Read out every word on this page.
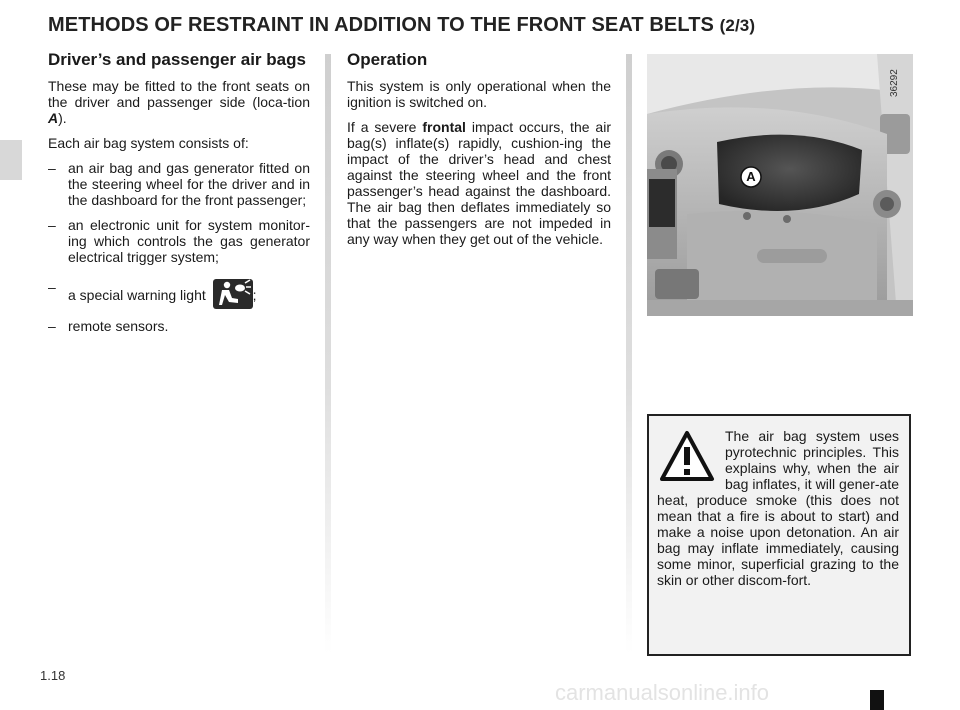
METHODS OF RESTRAINT IN ADDITION TO THE FRONT SEAT BELTS (2/3)
Driver’s and passenger air bags

These may be fitted to the front seats on the driver and passenger side (loca-tion A).

Each air bag system consists of:

– an air bag and gas generator fitted on the steering wheel for the driver and in the dashboard for the front passenger;
– an electronic unit for system monitor-ing which controls the gas generator electrical trigger system;
– a special warning light	;
– remote sensors.
Operation

This system is only operational when the ignition is switched on.

If a severe frontal impact occurs, the air bag(s) inflate(s) rapidly, cushion-ing the impact of the driver’s head and chest against the steering wheel and the front passenger’s head against the dashboard. The air bag then deflates immediately so that the passengers are not impeded in any way when they get out of the vehicle.

A
36292
The air bag system uses pyrotechnic principles. This explains why, when the air bag inflates, it will gener-ate heat, produce smoke (this does not mean that a fire is about to start) and make a noise upon detonation. An air bag may inflate immediately, causing some minor, superficial grazing to the skin or other discom-fort.
1.18
carmanualsonline.info
